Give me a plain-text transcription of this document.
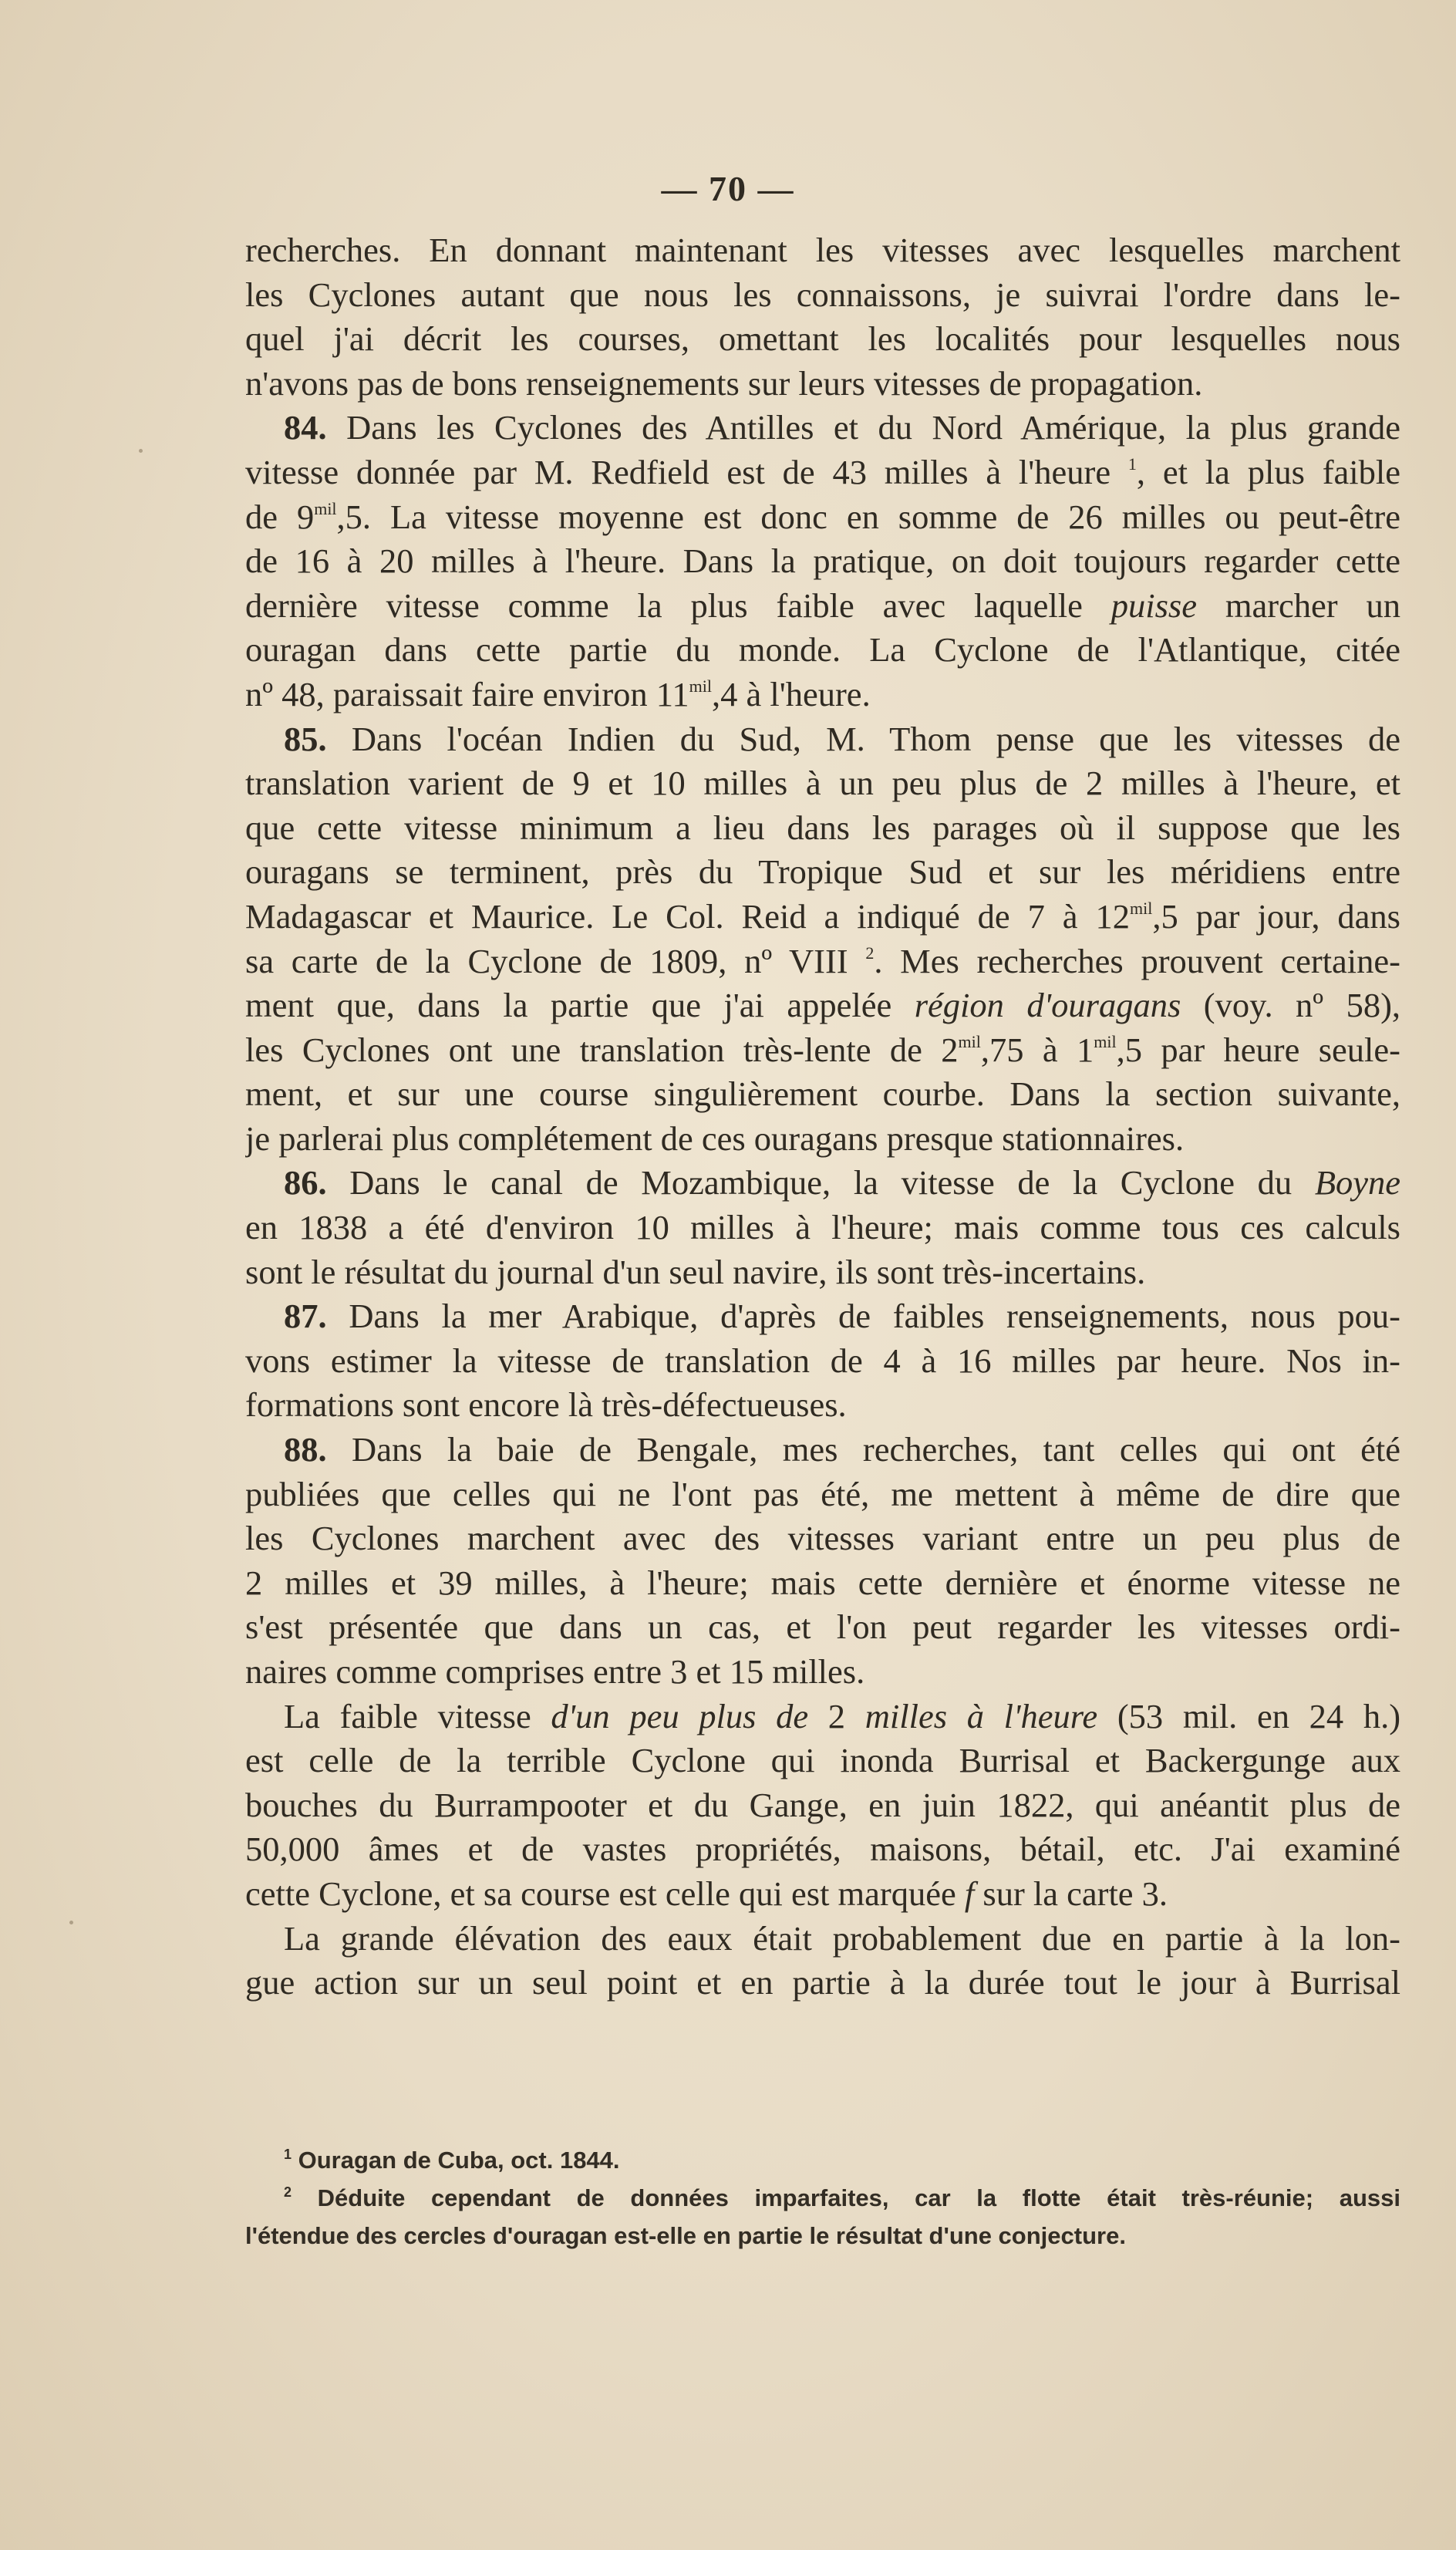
— 70 —
recherches. En donnant maintenant les vitesses avec lesquelles marchent
les Cyclones autant que nous les connaissons, je suivrai l'ordre dans le-
quel j'ai décrit les courses, omettant les localités pour lesquelles nous
n'avons pas de bons renseignements sur leurs vitesses de propagation.
84. Dans les Cyclones des Antilles et du Nord Amérique, la plus grande
vitesse donnée par M. Redfield est de 43 milles à l'heure $^1$, et la plus faible
de $9^{mil},5$. La vitesse moyenne est donc en somme de 26 milles ou peut-être
de 16 à 20 milles à l'heure. Dans la pratique, on doit toujours regarder cette
dernière vitesse comme la plus faible avec laquelle puisse marcher un
ouragan dans cette partie du monde. La Cyclone de l'Atlantique, citée
nº 48, paraissait faire environ $11^{mil},4$ à l'heure.
85. Dans l'océan Indien du Sud, M. Thom pense que les vitesses de
translation varient de 9 et 10 milles à un peu plus de 2 milles à l'heure, et
que cette vitesse minimum a lieu dans les parages où il suppose que les
ouragans se terminent, près du Tropique Sud et sur les méridiens entre
Madagascar et Maurice. Le Col. Reid a indiqué de 7 à $12^{mil},5$ par jour, dans
sa carte de la Cyclone de 1809, nº VIII $^2$. Mes recherches prouvent certaine-
ment que, dans la partie que j'ai appelée région d'ouragans (voy. nº 58),
les Cyclones ont une translation très-lente de $2^{mil},75$ à $1^{mil},5$ par heure seule-
ment, et sur une course singulièrement courbe. Dans la section suivante,
je parlerai plus complétement de ces ouragans presque stationnaires.
86. Dans le canal de Mozambique, la vitesse de la Cyclone du Boyne
en 1838 a été d'environ 10 milles à l'heure; mais comme tous ces calculs
sont le résultat du journal d'un seul navire, ils sont très-incertains.
87. Dans la mer Arabique, d'après de faibles renseignements, nous pou-
vons estimer la vitesse de translation de 4 à 16 milles par heure. Nos in-
formations sont encore là très-défectueuses.
88. Dans la baie de Bengale, mes recherches, tant celles qui ont été
publiées que celles qui ne l'ont pas été, me mettent à même de dire que
les Cyclones marchent avec des vitesses variant entre un peu plus de
2 milles et 39 milles, à l'heure; mais cette dernière et énorme vitesse ne
s'est présentée que dans un cas, et l'on peut regarder les vitesses ordi-
naires comme comprises entre 3 et 15 milles.
La faible vitesse d'un peu plus de 2 milles à l'heure (53 mil. en 24 h.)
est celle de la terrible Cyclone qui inonda Burrisal et Backergunge aux
bouches du Burrampooter et du Gange, en juin 1822, qui anéantit plus de
50,000 âmes et de vastes propriétés, maisons, bétail, etc. J'ai examiné
cette Cyclone, et sa course est celle qui est marquée f sur la carte 3.
La grande élévation des eaux était probablement due en partie à la lon-
gue action sur un seul point et en partie à la durée tout le jour à Burrisal
$^1$ Ouragan de Cuba, oct. 1844.
$^2$ Déduite cependant de données imparfaites, car la flotte était très-réunie; aussi
l'étendue des cercles d'ouragan est-elle en partie le résultat d'une conjecture.
